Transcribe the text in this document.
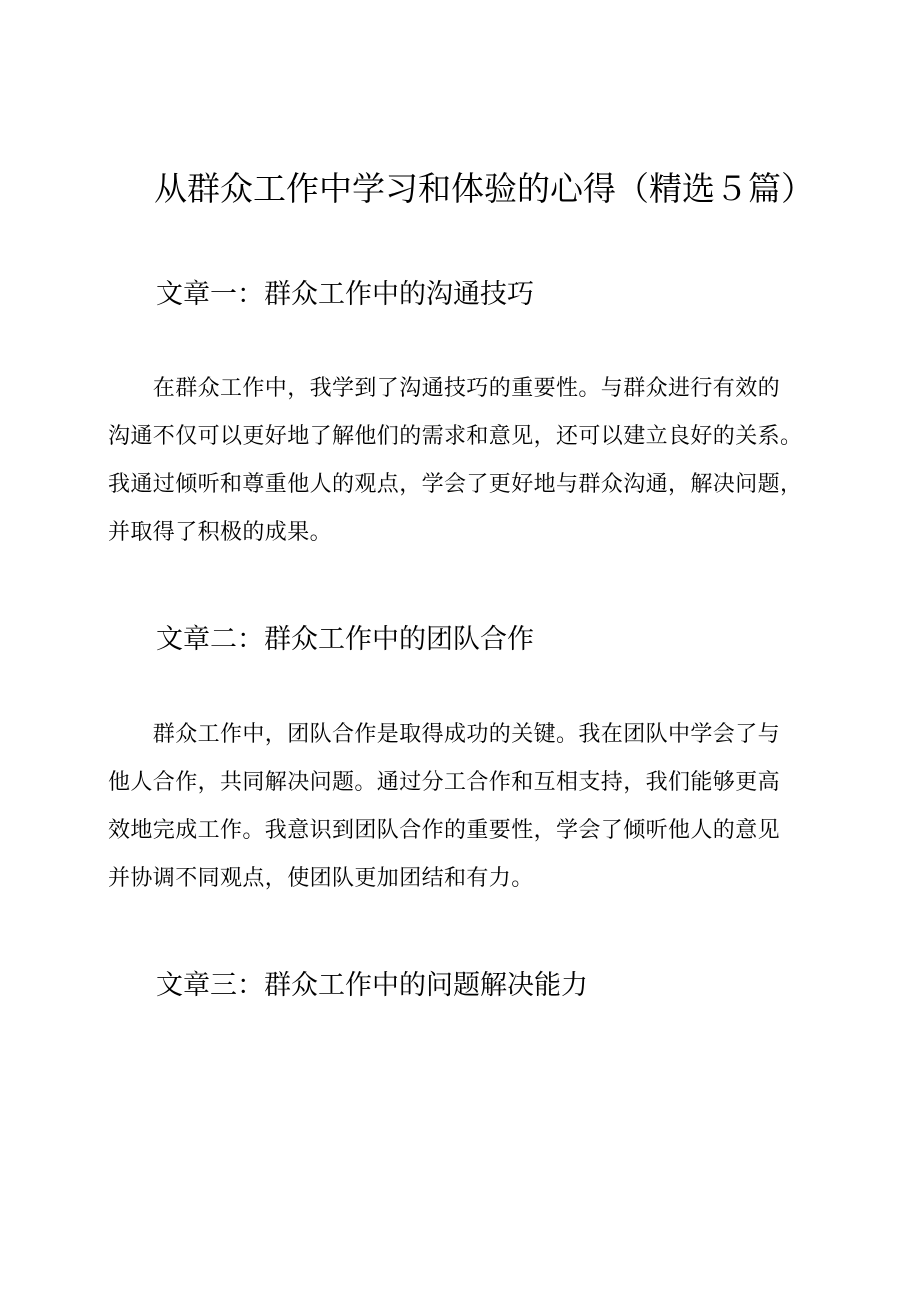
从群众工作中学习和体验的心得（精选５篇）
文章一：群众工作中的沟通技巧

　　在群众工作中，我学到了沟通技巧的重要性。与群众进行有效的
沟通不仅可以更好地了解他们的需求和意见，还可以建立良好的关系。
我通过倾听和尊重他人的观点，学会了更好地与群众沟通，解决问题，
并取得了积极的成果。

文章二：群众工作中的团队合作

　　群众工作中，团队合作是取得成功的关键。我在团队中学会了与
他人合作，共同解决问题。通过分工合作和互相支持，我们能够更高
效地完成工作。我意识到团队合作的重要性，学会了倾听他人的意见
并协调不同观点，使团队更加团结和有力。

文章三：群众工作中的问题解决能力
